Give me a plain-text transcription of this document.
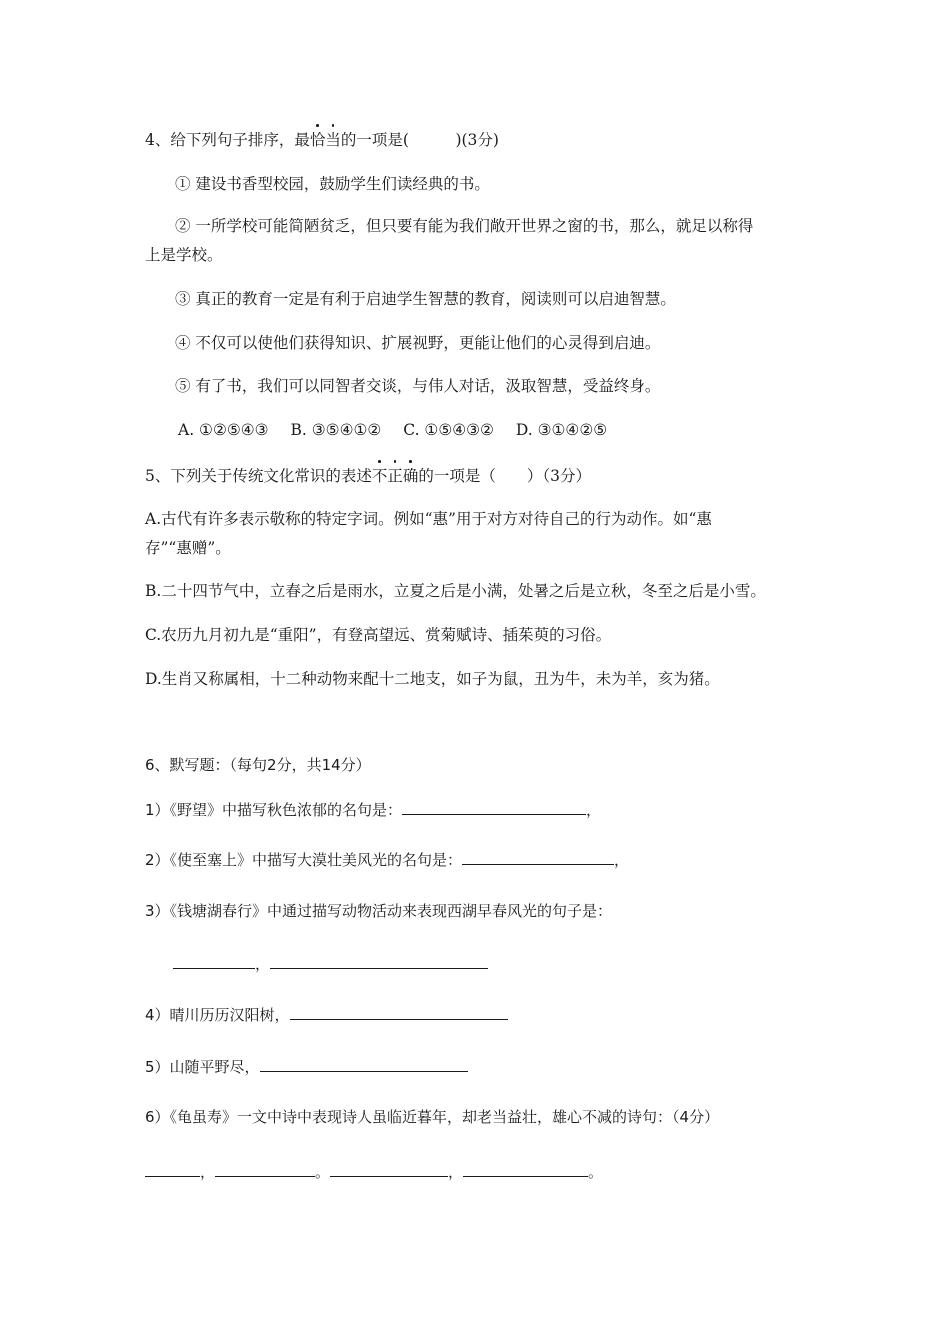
4、给下列句子排序，最恰当的一项是(　　　)(3分)
① 建设书香型校园，鼓励学生们读经典的书。
② 一所学校可能简陋贫乏，但只要有能为我们敞开世界之窗的书，那么，就足以称得
上是学校。
③ 真正的教育一定是有利于启迪学生智慧的教育，阅读则可以启迪智慧。
④ 不仅可以使他们获得知识、扩展视野，更能让他们的心灵得到启迪。
⑤ 有了书，我们可以同智者交谈，与伟人对话，汲取智慧，受益终身。
A. ①②⑤④③ B. ③⑤④①② C. ①⑤④③② D. ③①④②⑤
5、下列关于传统文化常识的表述不正确的一项是（　　）（3分）
A.古代有许多表示敬称的特定字词。例如“惠”用于对方对待自己的行为动作。如“惠
存”“惠赠”。
B.二十四节气中，立春之后是雨水，立夏之后是小满，处暑之后是立秋，冬至之后是小雪。
C.农历九月初九是“重阳”，有登高望远、赏菊赋诗、插茱萸的习俗。
D.生肖又称属相，十二种动物来配十二地支，如子为鼠，丑为牛，未为羊，亥为猪。
6、默写题：（每句2分，共14分）
1）《野望》中描写秋色浓郁的名句是：	，
2）《使至塞上》中描写大漠壮美风光的名句是：	，
3）《钱塘湖春行》中通过描写动物活动来表现西湖早春风光的句子是：
，
4）晴川历历汉阳树，
5）山随平野尽，
6）《龟虽寿》一文中诗中表现诗人虽临近暮年，却老当益壮，雄心不减的诗句：（4分）
，	。	，	。
